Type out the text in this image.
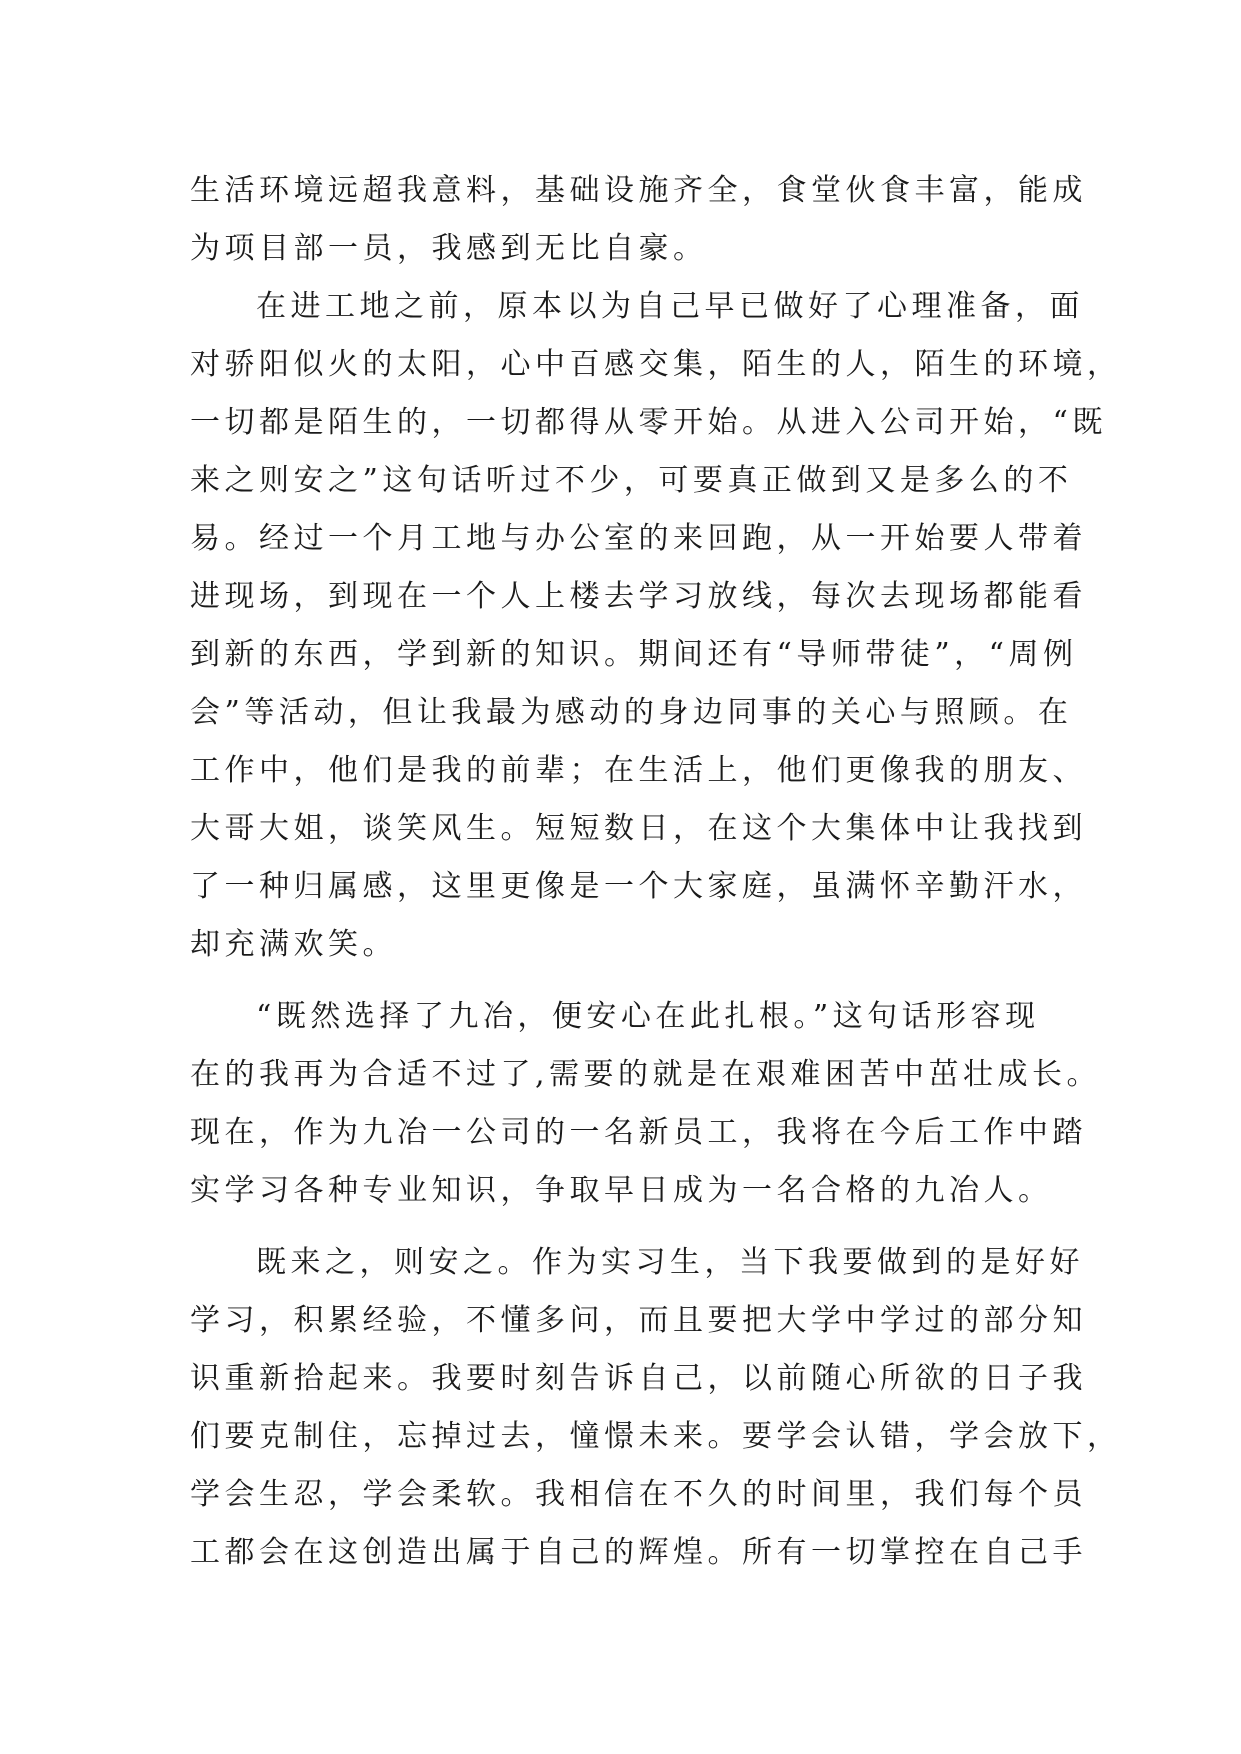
生活环境远超我意料，基础设施齐全，食堂伙食丰富，能成
为项目部一员，我感到无比自豪。
在进工地之前，原本以为自己早已做好了心理准备，面
对骄阳似火的太阳，心中百感交集，陌生的人，陌生的环境，
一切都是陌生的，一切都得从零开始。从进入公司开始，“既
来之则安之”这句话听过不少，可要真正做到又是多么的不
易。经过一个月工地与办公室的来回跑，从一开始要人带着
进现场，到现在一个人上楼去学习放线，每次去现场都能看
到新的东西，学到新的知识。期间还有“导师带徒”，“周例
会”等活动，但让我最为感动的身边同事的关心与照顾。在
工作中，他们是我的前辈；在生活上，他们更像我的朋友、
大哥大姐，谈笑风生。短短数日，在这个大集体中让我找到
了一种归属感，这里更像是一个大家庭，虽满怀辛勤汗水，
却充满欢笑。
“既然选择了九冶，便安心在此扎根。”这句话形容现
在的我再为合适不过了,需要的就是在艰难困苦中茁壮成长。
现在，作为九冶一公司的一名新员工，我将在今后工作中踏
实学习各种专业知识，争取早日成为一名合格的九冶人。
既来之，则安之。作为实习生，当下我要做到的是好好
学习，积累经验，不懂多问，而且要把大学中学过的部分知
识重新拾起来。我要时刻告诉自己，以前随心所欲的日子我
们要克制住，忘掉过去，憧憬未来。要学会认错，学会放下，
学会生忍，学会柔软。我相信在不久的时间里，我们每个员
工都会在这创造出属于自己的辉煌。所有一切掌控在自己手
